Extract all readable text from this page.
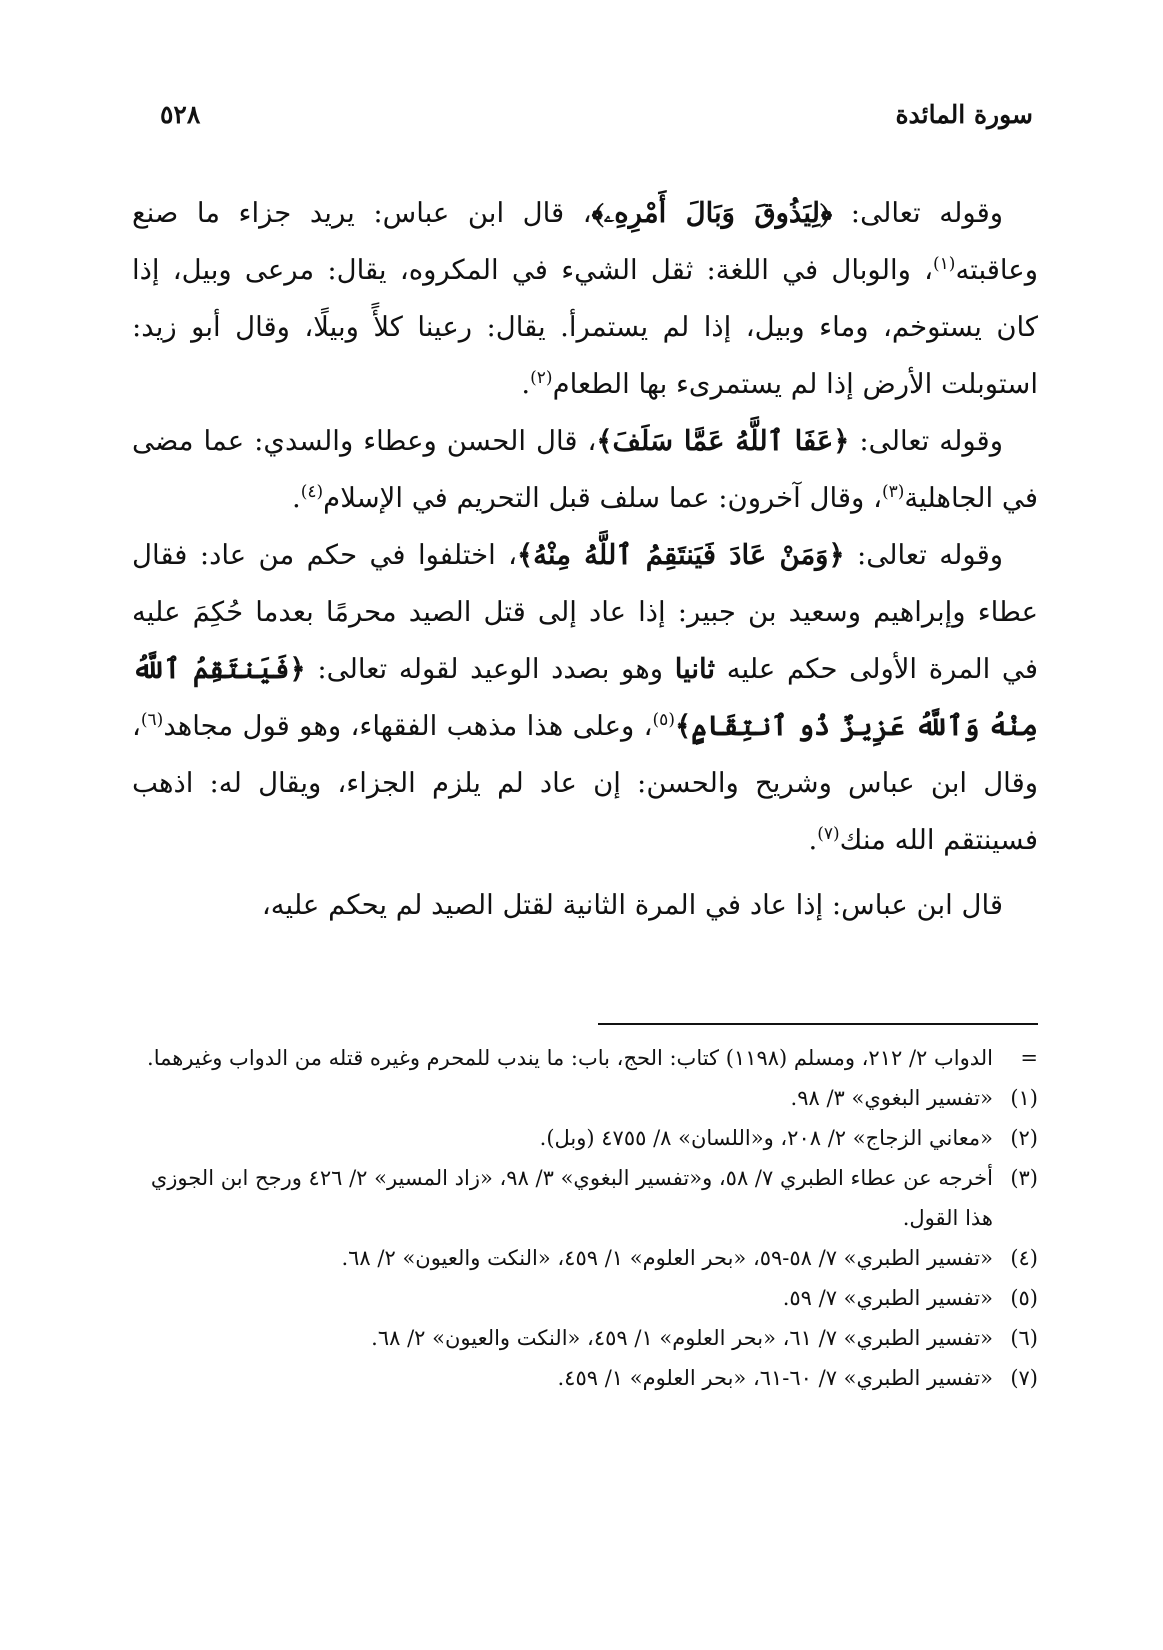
سورة المائدة
٥٢٨

وقوله تعالى: ﴿لِيَذُوقَ وَبَالَ أَمْرِهِۦ﴾، قال ابن عباس: يريد جزاء ما صنع وعاقبته$^{(١)}$، والوبال في اللغة: ثقل الشيء في المكروه، يقال: مرعى وبيل، إذا كان يستوخم، وماء وبيل، إذا لم يستمرأ. يقال: رعينا كلأً وبيلًا، وقال أبو زيد: استوبلت الأرض إذا لم يستمرىء بها الطعام$^{(٢)}$.

وقوله تعالى: ﴿عَفَا ٱللَّهُ عَمَّا سَلَفَ﴾، قال الحسن وعطاء والسدي: عما مضى في الجاهلية$^{(٣)}$، وقال آخرون: عما سلف قبل التحريم في الإسلام$^{(٤)}$.

وقوله تعالى: ﴿وَمَنْ عَادَ فَيَنتَقِمُ ٱللَّهُ مِنْهُ﴾، اختلفوا في حكم من عاد: فقال عطاء وإبراهيم وسعيد بن جبير: إذا عاد إلى قتل الصيد محرمًا بعدما حُكِمَ عليه في المرة الأولى حكم عليه ثانيا وهو بصدد الوعيد لقوله تعالى: ﴿فَيَنتَقِمُ ٱللَّهُ مِنْهُ وَٱللَّهُ عَزِيزٌ ذُو ٱنتِقَامٍ﴾$^{(٥)}$، وعلى هذا مذهب الفقهاء، وهو قول مجاهد$^{(٦)}$، وقال ابن عباس وشريح والحسن: إن عاد لم يلزم الجزاء، ويقال له: اذهب فسينتقم الله منك$^{(٧)}$.

قال ابن عباس: إذا عاد في المرة الثانية لقتل الصيد لم يحكم عليه،

=
الدواب ٢/ ٢١٢، ومسلم (١١٩٨) كتاب: الحج، باب: ما يندب للمحرم وغيره قتله من الدواب وغيرهما.
(١)
«تفسير البغوي» ٣/ ٩٨.
(٢)
«معاني الزجاج» ٢/ ٢٠٨، و«اللسان» ٨/ ٤٧٥٥ (وبل).
(٣)
أخرجه عن عطاء الطبري ٧/ ٥٨، و«تفسير البغوي» ٣/ ٩٨، «زاد المسير» ٢/ ٤٢٦ ورجح ابن الجوزي هذا القول.
(٤)
«تفسير الطبري» ٧/ ٥٨-٥٩، «بحر العلوم» ١/ ٤٥٩، «النكت والعيون» ٢/ ٦٨.
(٥)
«تفسير الطبري» ٧/ ٥٩.
(٦)
«تفسير الطبري» ٧/ ٦١، «بحر العلوم» ١/ ٤٥٩، «النكت والعيون» ٢/ ٦٨.
(٧)
«تفسير الطبري» ٧/ ٦٠-٦١، «بحر العلوم» ١/ ٤٥٩.
